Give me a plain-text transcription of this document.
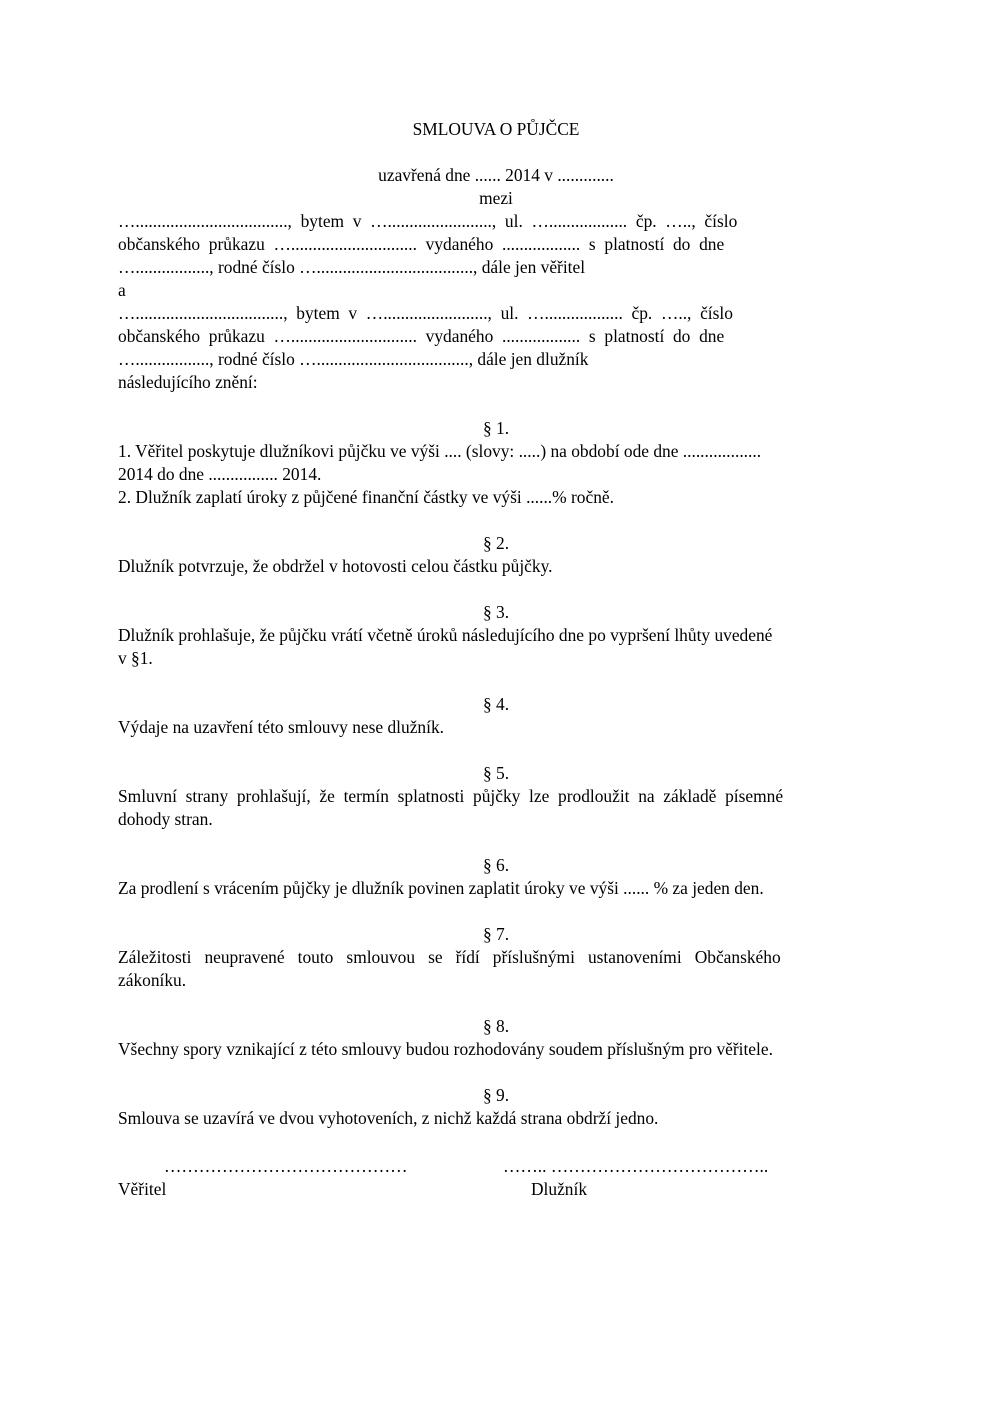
SMLOUVA O PŮJČCE
uzavřená dne ...... 2014 v .............
mezi
…...................................,  bytem  v  …........................,  ul.  …..................  čp.  …..,  číslo
občanského  průkazu  ….............................  vydaného  ..................  s  platností  do  dne
…................., rodné číslo …...................................., dále jen věřitel
a
…..................................,  bytem  v  …........................,  ul.  …..................  čp.  …..,  číslo
občanského  průkazu  ….............................  vydaného  ..................  s  platností  do  dne
…................., rodné číslo …..................................., dále jen dlužník
následujícího znění:
§ 1.
1. Věřitel poskytuje dlužníkovi půjčku ve výši .... (slovy: .....) na období ode dne ..................
2014 do dne ................ 2014.
2. Dlužník zaplatí úroky z půjčené finanční částky ve výši ......% ročně.
§ 2.
Dlužník potvrzuje, že obdržel v hotovosti celou částku půjčky.
§ 3.
Dlužník prohlašuje, že půjčku vrátí včetně úroků následujícího dne po vypršení lhůty uvedené
v §1.
§ 4.
Výdaje na uzavření této smlouvy nese dlužník.
§ 5.
Smluvní  strany  prohlašují,  že  termín  splatnosti  půjčky  lze  prodloužit  na  základě  písemné
dohody stran.
§ 6.
Za prodlení s vrácením půjčky je dlužník povinen zaplatit úroky ve výši ...... % za jeden den.
§ 7.
Záležitosti   neupravené   touto   smlouvou   se   řídí   příslušnými   ustanoveními   Občanského
zákoníku.
§ 8.
Všechny spory vznikající z této smlouvy budou rozhodovány soudem příslušným pro věřitele.
§ 9.
Smlouva se uzavírá ve dvou vyhotoveních, z nichž každá strana obdrží jedno.
……………………………………	…….. ………………………………..
Věřitel	Dlužník
